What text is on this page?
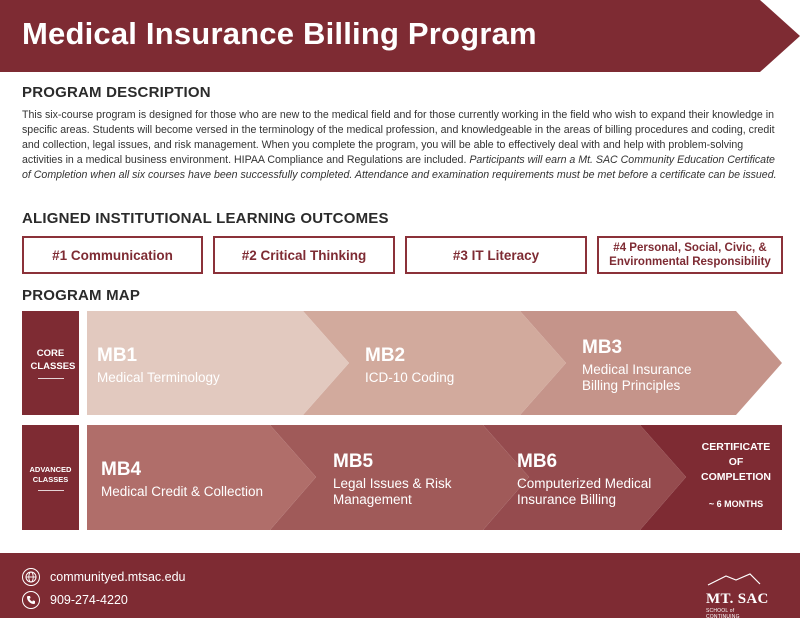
Medical Insurance Billing Program
PROGRAM DESCRIPTION
This six-course program is designed for those who are new to the medical field and for those currently working in the field who wish to expand their knowledge in specific areas. Students will become versed in the terminology of the medical profession, and knowledgeable in the areas of billing procedures and coding, credit and collection, legal issues, and risk management. When you complete the program, you will be able to effectively deal with and help with problem-solving activities in a medical business environment. HIPAA Compliance and Regulations are included. Participants will earn a Mt. SAC Community Education Certificate of Completion when all six courses have been successfully completed. Attendance and examination requirements must be met before a certificate can be issued.
ALIGNED INSTITUTIONAL LEARNING OUTCOMES
#1 Communication	#2 Critical Thinking	#3 IT Literacy	#4 Personal, Social, Civic, & Environmental Responsibility
PROGRAM MAP
CORE CLASSES
ADVANCED CLASSES
MB1
Medical Terminology
MB2
ICD-10 Coding
MB3
Medical Insurance Billing Principles
MB4
Medical Credit & Collection
MB5
Legal Issues & Risk Management
MB6
Computerized Medical Insurance Billing
CERTIFICATE OF COMPLETION
~ 6 MONTHS
communityed.mtsac.edu
909-274-4220	MT. SAC
SCHOOL of CONTINUING EDUCATION
